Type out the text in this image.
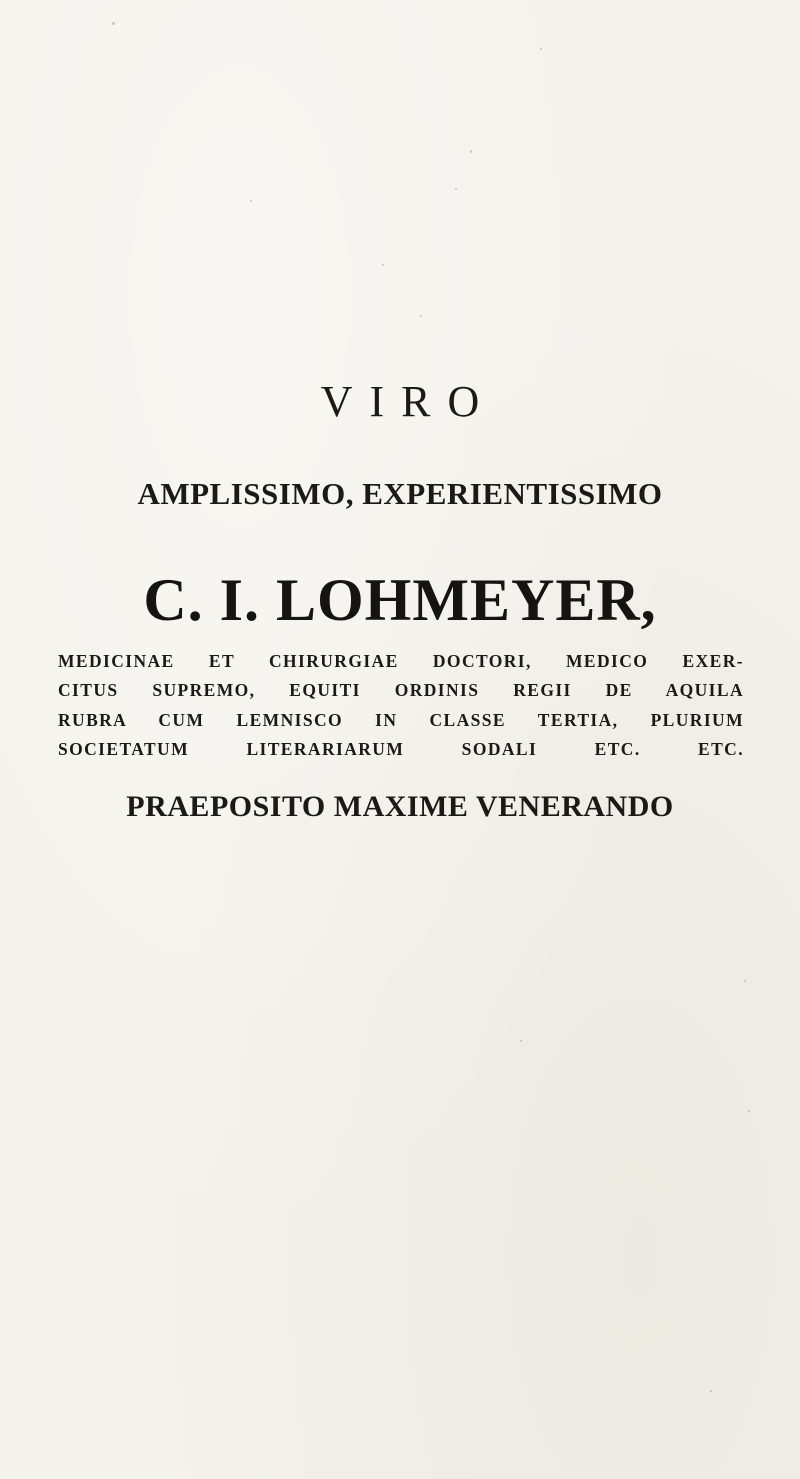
VIRO
AMPLISSIMO, EXPERIENTISSIMO
C. I. LOHMEYER,
MEDICINAE ET CHIRURGIAE DOCTORI, MEDICO EXER-
CITUS SUPREMO, EQUITI ORDINIS REGII DE AQUILA
RUBRA CUM LEMNISCO IN CLASSE TERTIA, PLURIUM
SOCIETATUM LITERARIARUM SODALI ETC. ETC.
PRAEPOSITO MAXIME VENERANDO
